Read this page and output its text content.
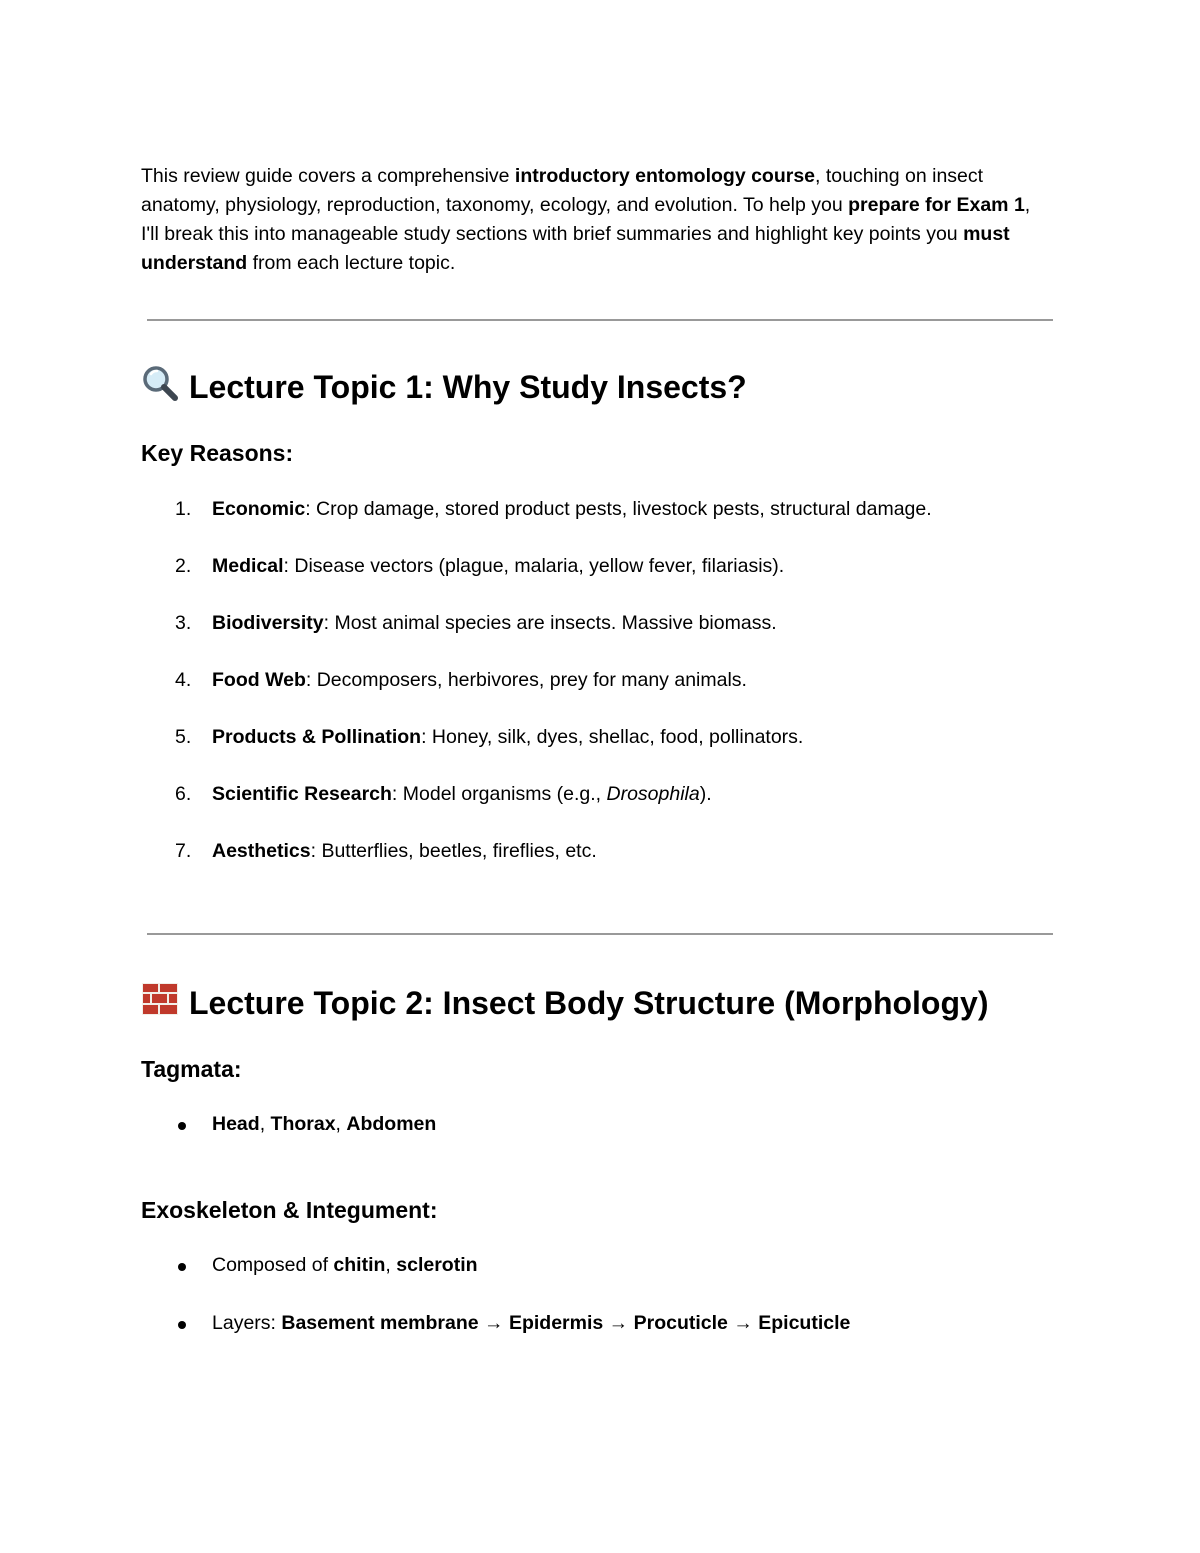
This review guide covers a comprehensive introductory entomology course, touching on insect anatomy, physiology, reproduction, taxonomy, ecology, and evolution. To help you prepare for Exam 1, I'll break this into manageable study sections with brief summaries and highlight key points you must understand from each lecture topic.

Lecture Topic 1: Why Study Insects?
Key Reasons:
1. Economic: Crop damage, stored product pests, livestock pests, structural damage.
2. Medical: Disease vectors (plague, malaria, yellow fever, filariasis).
3. Biodiversity: Most animal species are insects. Massive biomass.
4. Food Web: Decomposers, herbivores, prey for many animals.
5. Products & Pollination: Honey, silk, dyes, shellac, food, pollinators.
6. Scientific Research: Model organisms (e.g., Drosophila).
7. Aesthetics: Butterflies, beetles, fireflies, etc.
Lecture Topic 2: Insect Body Structure (Morphology)
Tagmata:
Head, Thorax, Abdomen
Exoskeleton & Integument:
Composed of chitin, sclerotin
Layers: Basement membrane → Epidermis → Procuticle → Epicuticle
